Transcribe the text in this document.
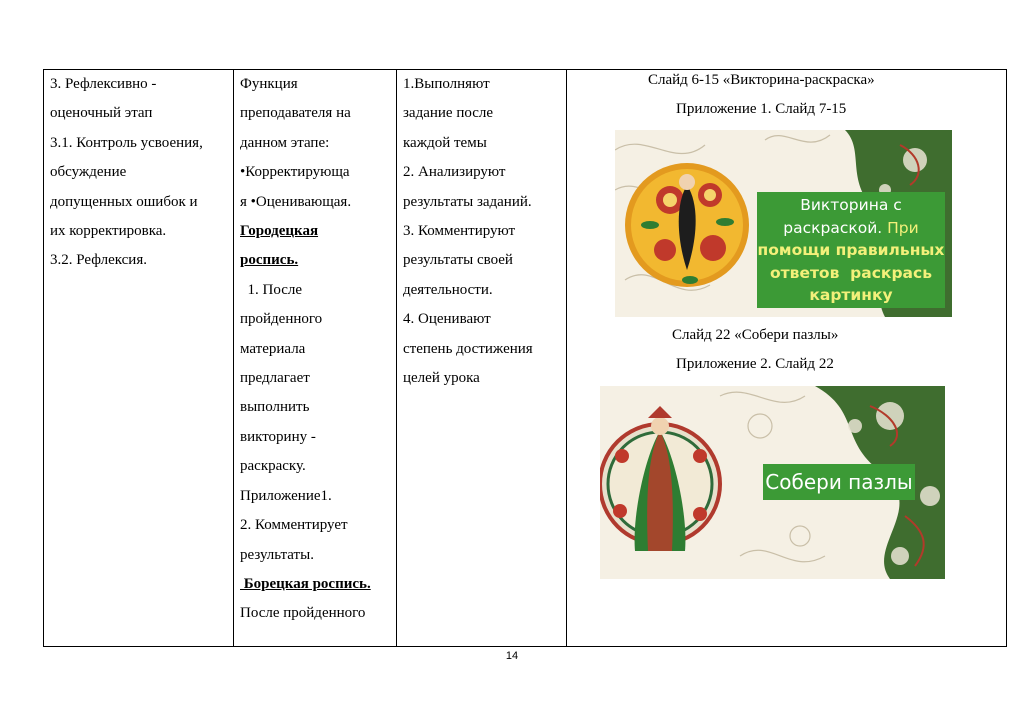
3. Рефлексивно -

оценочный этап

3.1. Контроль усвоения,

обсуждение

допущенных ошибок и

их корректировка.

3.2. Рефлексия.

Функция

преподавателя на

данном этапе:

•Корректирующа

я •Оценивающая.

Городецкая

роспись.

1. После

пройденного

материала

предлагает

выполнить

викторину -

раскраску.

Приложение1.

2. Комментирует

результаты.

Борецкая роспись.

После пройденного

1.Выполняют

задание после

каждой темы

2. Анализируют

результаты заданий.

3. Комментируют

результаты своей

деятельности.

4. Оценивают

степень достижения

целей урока

Слайд 6-15 «Викторина-раскраска»
Приложение 1. Слайд 7-15
Викторина с
раскраской. При
помощи правильных
ответов  раскрась
картинку
Слайд 22 «Собери пазлы»
Приложение 2. Слайд 22
Собери пазлы
14
